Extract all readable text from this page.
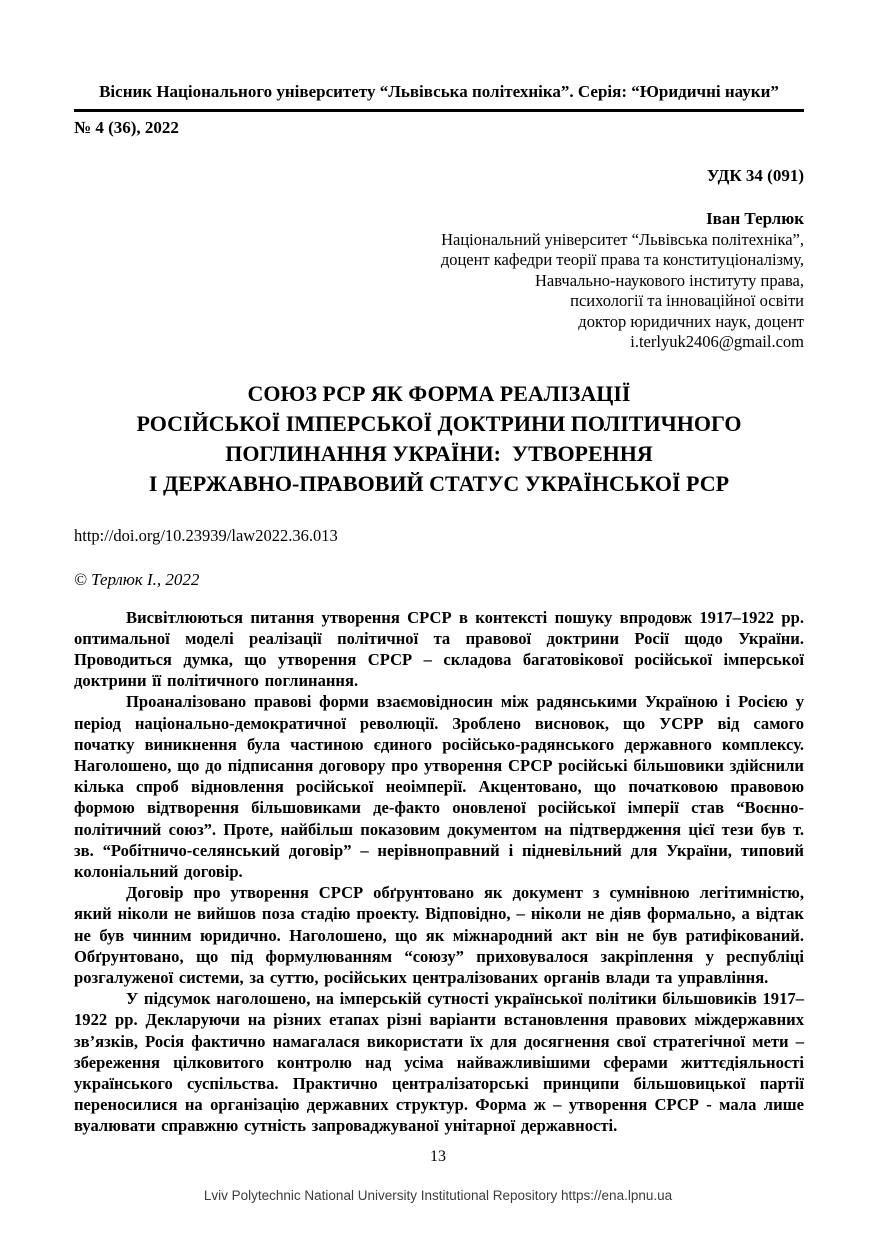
Вісник Національного університету “Львівська політехніка”. Серія: “Юридичні науки”
№ 4 (36), 2022
УДК 34 (091)
Іван Терлюк
Національний університет “Львівська політехніка”,
доцент кафедри теорії права та конституціоналізму,
Навчально-наукового інституту права,
психології та інноваційної освіти
доктор юридичних наук, доцент
i.terlyuk2406@gmail.com
СОЮЗ РСР ЯК ФОРМА РЕАЛІЗАЦІЇ
РОСІЙСЬКОЇ ІМПЕРСЬКОЇ ДОКТРИНИ ПОЛІТИЧНОГО
ПОГЛИНАННЯ УКРАЇНИ:  УТВОРЕННЯ
І ДЕРЖАВНО-ПРАВОВИЙ СТАТУС УКРАЇНСЬКОЇ РСР
http://doi.org/10.23939/law2022.36.013
© Терлюк І., 2022

Висвітлюються питання утворення СРСР в контексті пошуку впродовж 1917–1922 рр. оптимальної моделі реалізації політичної та правової доктрини Росії щодо України. Проводиться думка, що утворення СРСР – складова багатовікової російської імперської доктрини її політичного поглинання.

Проаналізовано правові форми взаємовідносин між радянськими Україною і Росією у період національно-демократичної революції. Зроблено висновок, що УСРР від самого початку виникнення була частиною єдиного російсько-радянського державного комплексу. Наголошено, що до підписання договору про утворення СРСР російські більшовики здійснили кілька спроб відновлення російської неоімперії. Акцентовано, що початковою правовою формою відтворення більшовиками де-факто оновленої російської імперії став “Воєнно-політичний союз”. Проте, найбільш показовим документом на підтвердження цієї тези був т. зв. “Робітничо-селянський договір” – нерівноправний і підневільний для України, типовий колоніальний договір.

Договір про утворення СРСР обґрунтовано як документ з сумнівною легітимністю, який ніколи не вийшов поза стадію проекту. Відповідно, – ніколи не діяв формально, а відтак не був чинним юридично. Наголошено, що як міжнародний акт він не був ратифікований. Обґрунтовано, що під формулюванням “союзу” приховувалося закріплення у республіці розгалуженої системи, за суттю, російських централізованих органів влади та управління.

У підсумок наголошено, на імперській сутності української політики більшовиків 1917–1922 рр. Декларуючи на різних етапах різні варіанти встановлення правових міждержавних зв’язків, Росія фактично намагалася використати їх для досягнення свої стратегічної мети – збереження цілковитого контролю над усіма найважливішими сферами життєдіяльності українського суспільства. Практично централізаторські принципи більшовицької партії переносилися на організацію державних структур. Форма ж – утворення СРСР - мала лише вуалювати справжню сутність запроваджуваної унітарної державності.

13
Lviv Polytechnic National University Institutional Repository https://ena.lpnu.ua
